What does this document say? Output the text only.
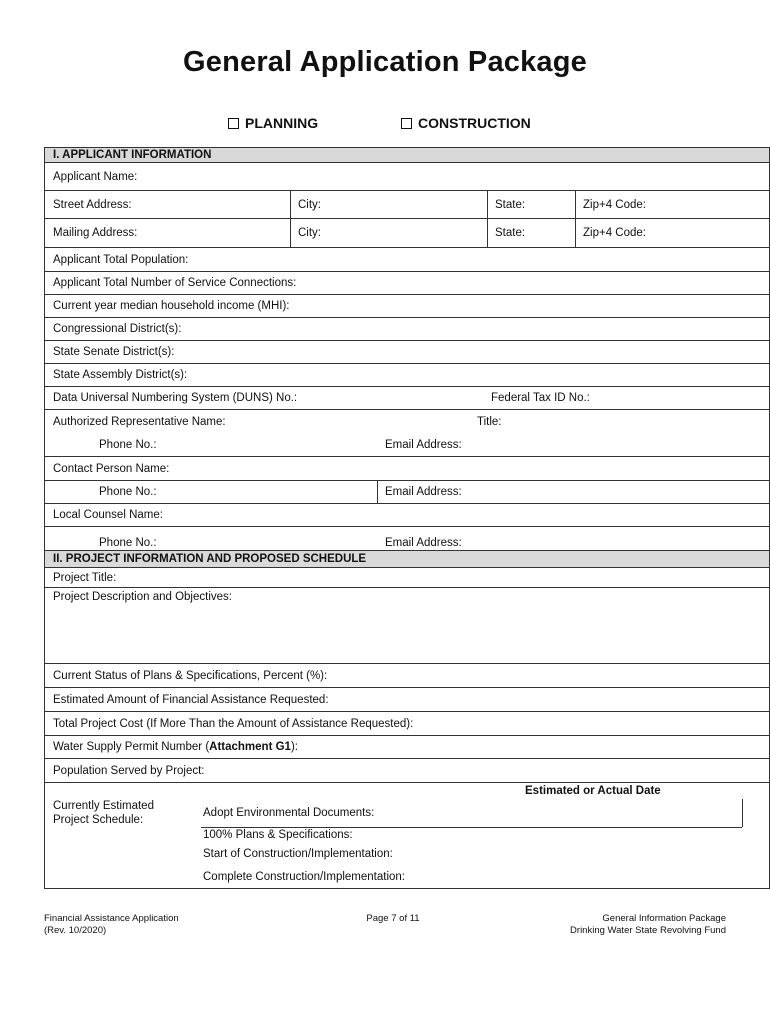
General Application Package
PLANNING	CONSTRUCTION
I. APPLICANT INFORMATION
Applicant Name:
Street Address:	City:	State:	Zip+4 Code:
Mailing Address:	City:	State:	Zip+4 Code:
Applicant Total Population:
Applicant Total Number of Service Connections:
Current year median household income (MHI):
Congressional District(s):
State Senate District(s):
State Assembly District(s):
Data Universal Numbering System (DUNS) No.:	Federal Tax ID No.:
Authorized Representative Name:	Title:
Phone No.:	Email Address:
Contact Person Name:
Phone No.:	Email Address:
Local Counsel Name:
Phone No.:	Email Address:
II. PROJECT INFORMATION AND PROPOSED SCHEDULE
Project Title:
Project Description and Objectives:
Current Status of Plans & Specifications, Percent (%):
Estimated Amount of Financial Assistance Requested:
Total Project Cost (If More Than the Amount of Assistance Requested):
Water Supply Permit Number ( Attachment G1 ):
Population Served by Project:
Currently Estimated
Project Schedule:
Estimated or Actual Date
Adopt Environmental Documents:
100% Plans & Specifications:
Start of Construction/Implementation:
Complete Construction/Implementation:
Financial Assistance Application
(Rev. 10/2020)
Page 7 of 11	General Information Package
Drinking Water State Revolving Fund
